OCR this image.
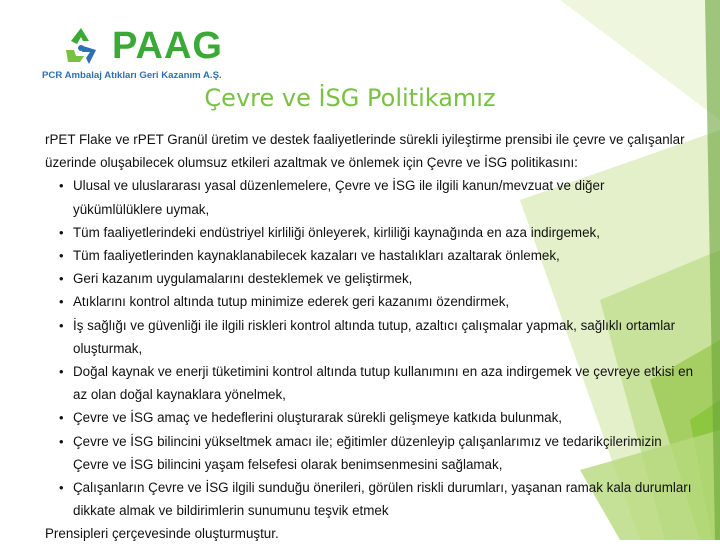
PAAG
PCR Ambalaj Atıkları Geri Kazanım A.Ş.
Çevre ve İSG Politikamız

rPET Flake ve rPET Granül üretim ve destek faaliyetlerinde sürekli iyileştirme prensibi ile çevre ve çalışanlar üzerinde oluşabilecek olumsuz etkileri azaltmak ve önlemek için Çevre ve İSG politikasını:

• Ulusal ve uluslararası yasal düzenlemelere, Çevre ve İSG ile ilgili kanun/mevzuat ve diğer yükümlülüklere uymak,
• Tüm faaliyetlerindeki endüstriyel kirliliği önleyerek, kirliliği kaynağında en aza indirgemek,
• Tüm faaliyetlerinden kaynaklanabilecek kazaları ve hastalıkları azaltarak önlemek,
• Geri kazanım uygulamalarını desteklemek ve geliştirmek,
• Atıklarını kontrol altında tutup minimize ederek geri kazanımı özendirmek,
• İş sağlığı ve güvenliği ile ilgili riskleri kontrol altında tutup, azaltıcı çalışmalar yapmak, sağlıklı ortamlar oluşturmak,
• Doğal kaynak ve enerji tüketimini kontrol altında tutup kullanımını en aza indirgemek ve çevreye etkisi en az olan doğal kaynaklara yönelmek,
• Çevre ve İSG amaç ve hedeflerini oluşturarak sürekli gelişmeye katkıda bulunmak,
• Çevre ve İSG bilincini yükseltmek amacı ile; eğitimler düzenleyip çalışanlarımız ve tedarikçilerimizin Çevre ve İSG bilincini yaşam felsefesi olarak benimsenmesini sağlamak,
• Çalışanların Çevre ve İSG ilgili sunduğu önerileri, görülen riskli durumları, yaşanan ramak kala durumları dikkate almak ve bildirimlerin sunumunu teşvik etmek

Prensipleri çerçevesinde oluşturmuştur.
